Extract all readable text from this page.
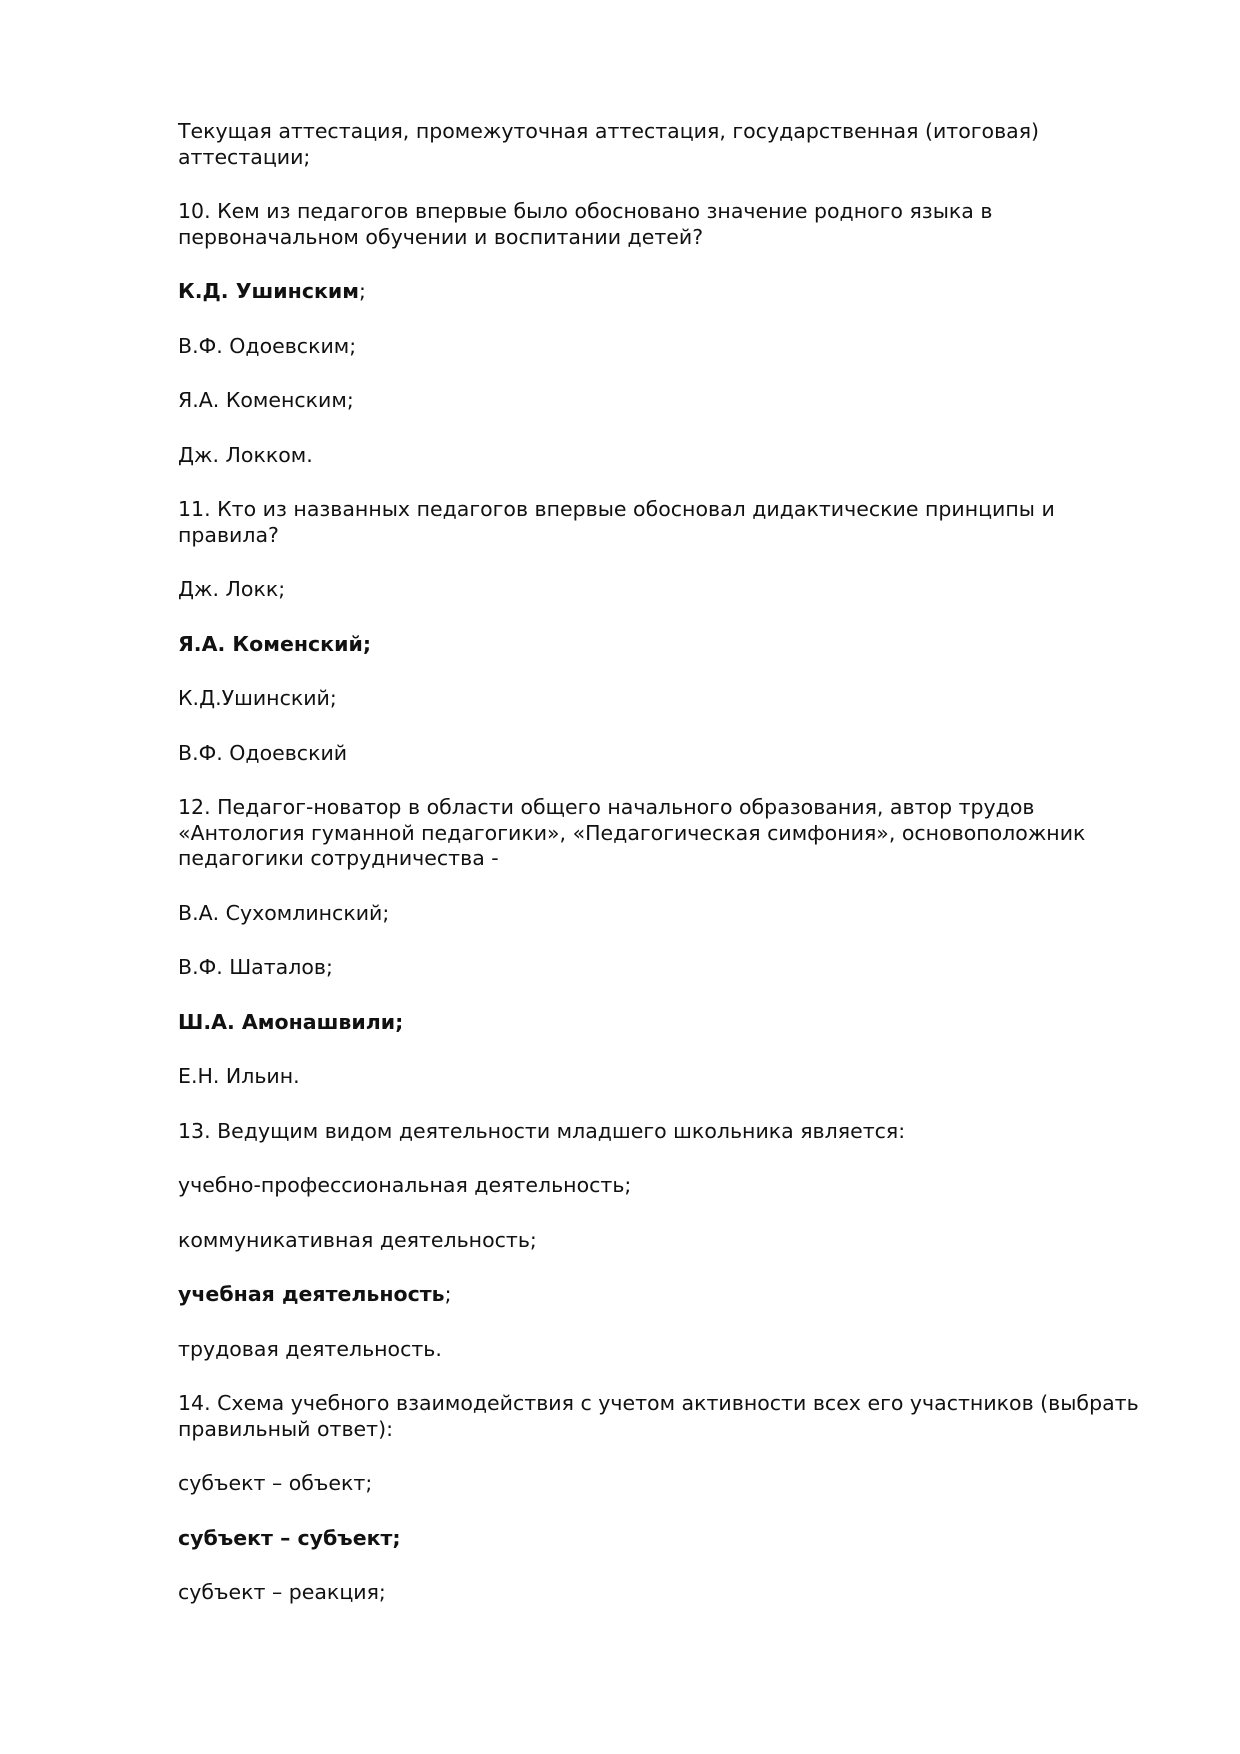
Текущая аттестация, промежуточная аттестация, государственная (итоговая) аттестации;

10. Кем из педагогов впервые было обосновано значение родного языка в первоначальном обучении и воспитании детей?

К.Д. Ушинским;

В.Ф. Одоевским;

Я.А. Коменским;

Дж. Локком.

11. Кто из названных педагогов впервые обосновал дидактические принципы и правила?

Дж. Локк;

Я.А. Коменский;

К.Д.Ушинский;

В.Ф. Одоевский

12. Педагог-новатор в области общего начального образования, автор трудов «Антология гуманной педагогики», «Педагогическая симфония», основоположник педагогики сотрудничества -

В.А. Сухомлинский;

В.Ф. Шаталов;

Ш.А. Амонашвили;

Е.Н. Ильин.

13. Ведущим видом деятельности младшего школьника является:

учебно-профессиональная деятельность;

коммуникативная деятельность;

учебная деятельность;

трудовая деятельность.

14. Схема учебного взаимодействия с учетом активности всех его участников (выбрать правильный ответ):

субъект – объект;

субъект – субъект;

субъект – реакция;
